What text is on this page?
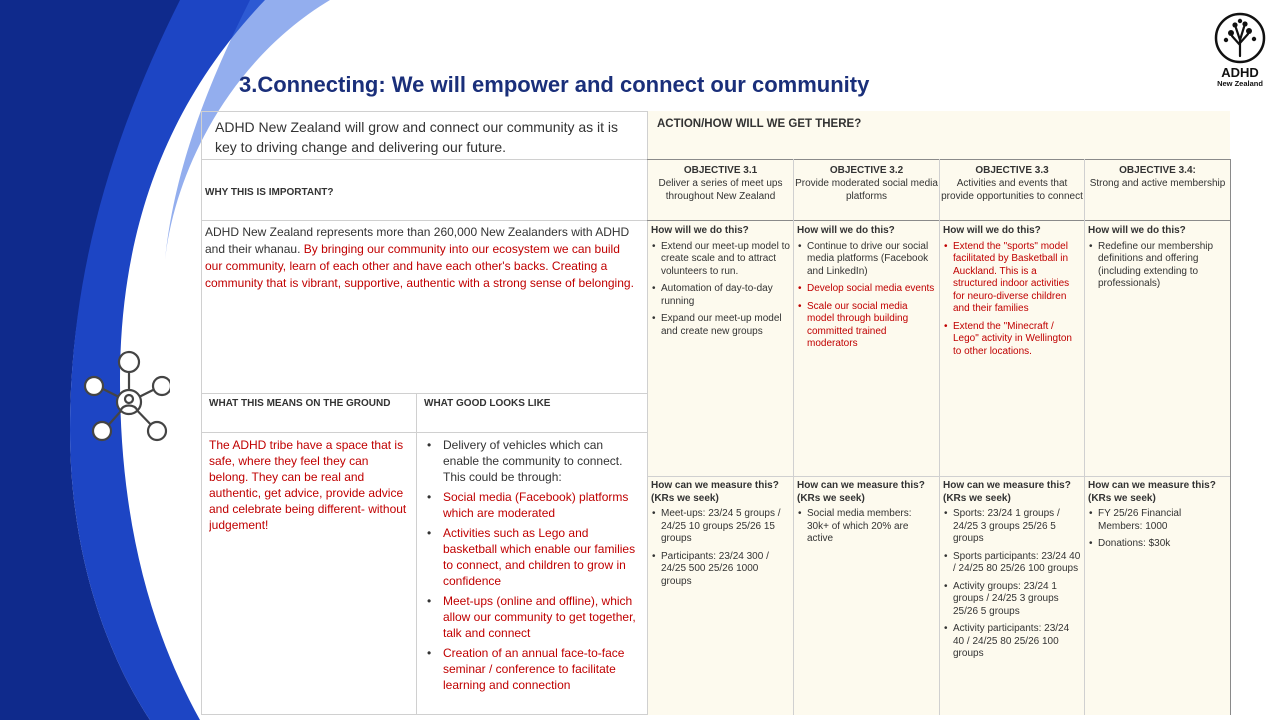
3.Connecting: We will empower and connect our community	ADHD
New Zealand
ADHD New Zealand will grow and connect our community as it is key to driving change and delivering our future.
WHY THIS IS IMPORTANT?
ADHD New Zealand represents more than 260,000 New Zealanders with ADHD and their whanau. By bringing our community into our ecosystem we can build our community, learn of each other and have each other's backs. Creating a community that is vibrant, supportive, authentic with a strong sense of belonging.
WHAT THIS MEANS ON THE GROUND
The ADHD tribe have a space that is safe, where they feel they can belong. They can be real and authentic, get advice, provide advice and celebrate being different- without judgement!
WHAT GOOD LOOKS LIKE
• Delivery of vehicles which can enable the community to connect. This could be through:
• Social media (Facebook) platforms which are moderated
• Activities such as Lego and basketball which enable our families to connect, and children to grow in confidence
• Meet-ups (online and offline), which allow our community to get together, talk and connect
• Creation of an annual face-to-face seminar / conference to facilitate learning and connection
ACTION/HOW WILL WE GET THERE?
OBJECTIVE 3.1
Deliver a series of meet ups throughout New Zealand
OBJECTIVE 3.2
Provide moderated social media platforms
OBJECTIVE 3.3
Activities and events that provide opportunities to connect
OBJECTIVE 3.4:
Strong and active membership
How will we do this?
• Extend our meet-up model to create scale and to attract volunteers to run.
• Automation of day-to-day running
• Expand our meet-up model and create new groups
How will we do this?
• Continue to drive our social media platforms (Facebook and LinkedIn)
• Develop social media events
• Scale our social media model through building committed trained moderators
How will we do this?
• Extend the "sports" model facilitated by Basketball in Auckland. This is a structured indoor activities for neuro-diverse children and their families
• Extend the "Minecraft / Lego" activity in Wellington to other locations.
How will we do this?
• Redefine our membership definitions and offering (including extending to professionals)
How can we measure this? (KRs we seek)
• Meet-ups: 23/24 5 groups / 24/25 10 groups 25/26 15 groups
• Participants: 23/24 300 / 24/25 500 25/26 1000 groups
How can we measure this? (KRs we seek)
• Social media members: 30k+ of which 20% are active
How can we measure this? (KRs we seek)
• Sports: 23/24 1 groups / 24/25 3 groups 25/26 5 groups
• Sports participants: 23/24 40 / 24/25 80 25/26 100 groups
• Activity groups: 23/24 1 groups / 24/25 3 groups 25/26 5 groups
• Activity participants: 23/24 40 / 24/25 80 25/26 100 groups
How can we measure this? (KRs we seek)
• FY 25/26 Financial Members: 1000
• Donations: $30k
